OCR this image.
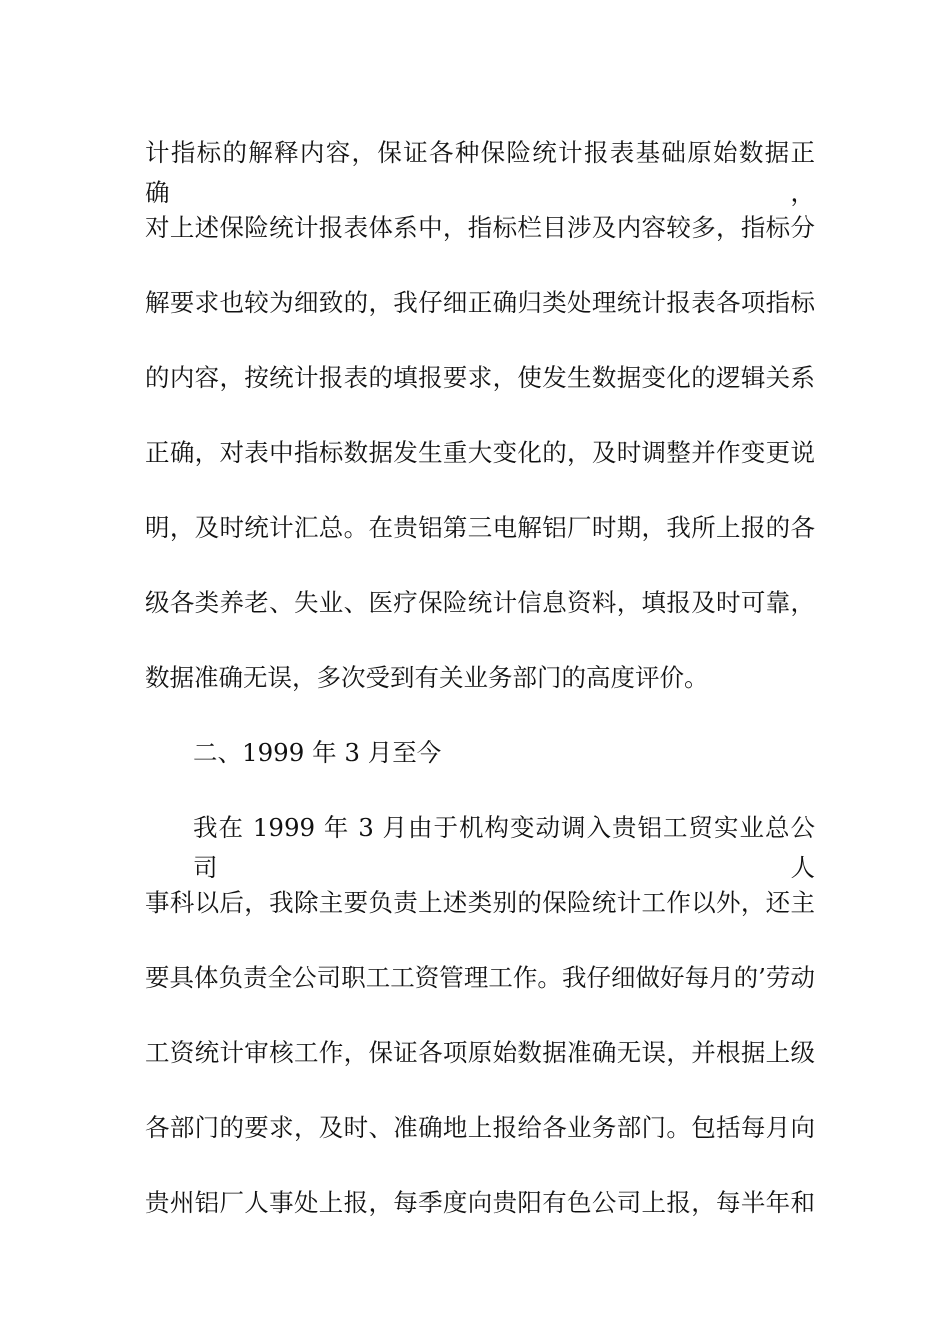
计指标的解释内容，保证各种保险统计报表基础原始数据正确，
对上述保险统计报表体系中，指标栏目涉及内容较多，指标分
解要求也较为细致的，我仔细正确归类处理统计报表各项指标
的内容，按统计报表的填报要求，使发生数据变化的逻辑关系
正确，对表中指标数据发生重大变化的，及时调整并作变更说
明，及时统计汇总。在贵铝第三电解铝厂时期，我所上报的各
级各类养老、失业、医疗保险统计信息资料，填报及时可靠，
数据准确无误，多次受到有关业务部门的高度评价。
二、1999 年 3 月至今
我在 1999 年 3 月由于机构变动调入贵铝工贸实业总公司人
事科以后，我除主要负责上述类别的保险统计工作以外，还主
要具体负责全公司职工工资管理工作。我仔细做好每月的’劳动
工资统计审核工作，保证各项原始数据准确无误，并根据上级
各部门的要求，及时、准确地上报给各业务部门。包括每月向
贵州铝厂人事处上报，每季度向贵阳有色公司上报，每半年和
